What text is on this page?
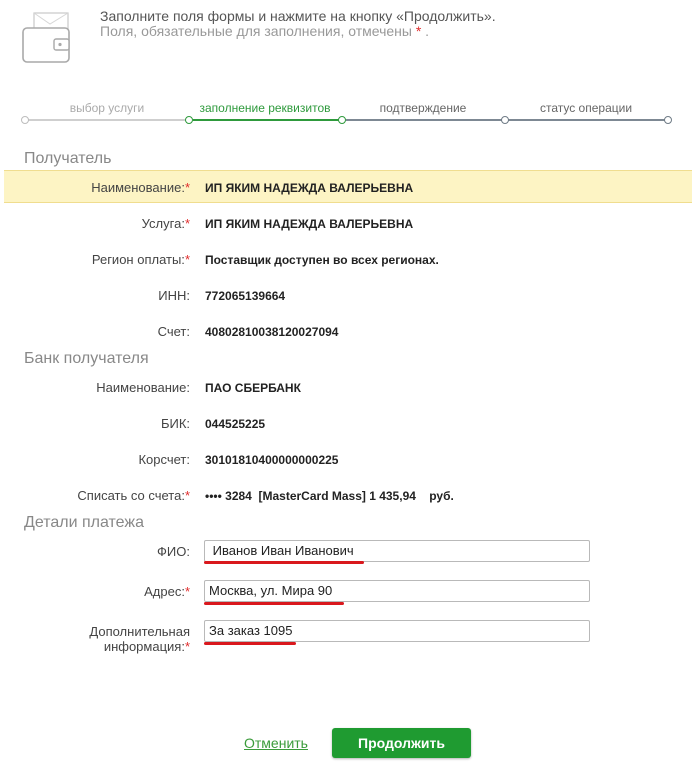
Заполните поля формы и нажмите на кнопку «Продолжить».
Поля, обязательные для заполнения, отмечены * .
выбор услуги	заполнение реквизитов	подтверждение	статус операции
Получатель
Наименование:* ИП ЯКИМ НАДЕЖДА ВАЛЕРЬЕВНА
Услуга:* ИП ЯКИМ НАДЕЖДА ВАЛЕРЬЕВНА
Регион оплаты:* Поставщик доступен во всех регионах.
ИНН: 772065139664
Счет: 40802810038120027094
Банк получателя
Наименование: ПАО СБЕРБАНК
БИК: 044525225
Корсчет: 30101810400000000225
Списать со счета:* •••• 3284  [MasterCard Mass] 1 435,94    руб.
Детали платежа
ФИО:	Иванов Иван Иванович
Адрес:*	Москва, ул. Мира 90
Дополнительная
информация:*
За заказ 1095
Отменить	Продолжить
